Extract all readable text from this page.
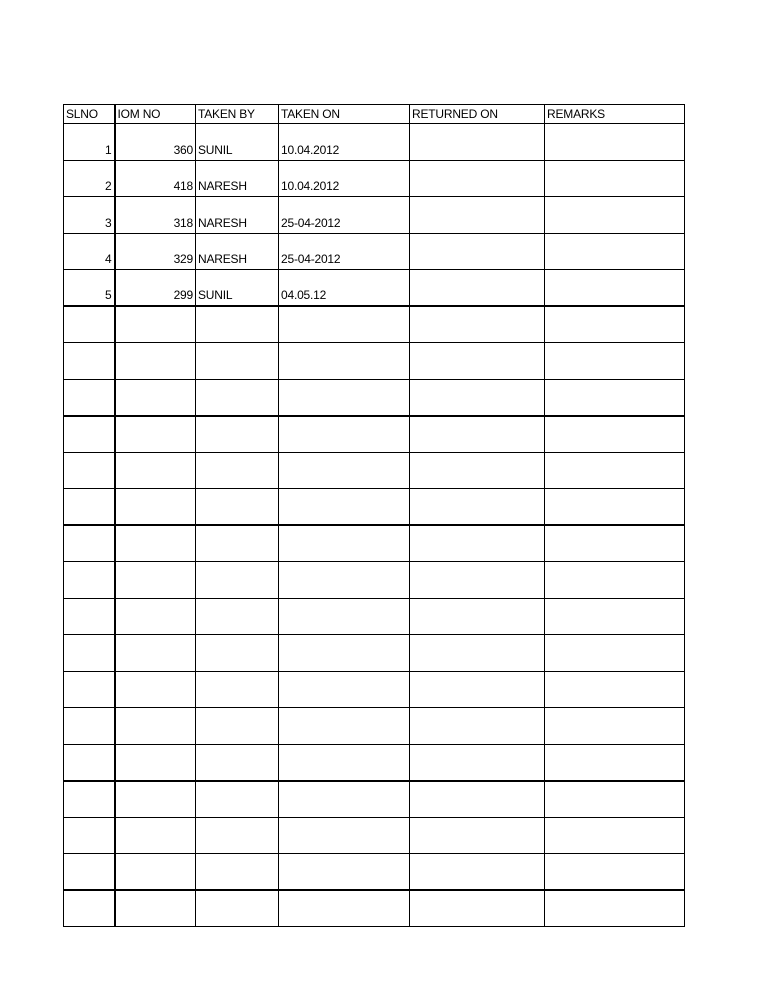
SLNO	IOM NO	TAKEN BY	TAKEN ON	RETURNED ON	REMARKS
1	360	SUNIL	10.04.2012		
2	418	NARESH	10.04.2012		
3	318	NARESH	25-04-2012		
4	329	NARESH	25-04-2012		
5	299	SUNIL	04.05.12		
